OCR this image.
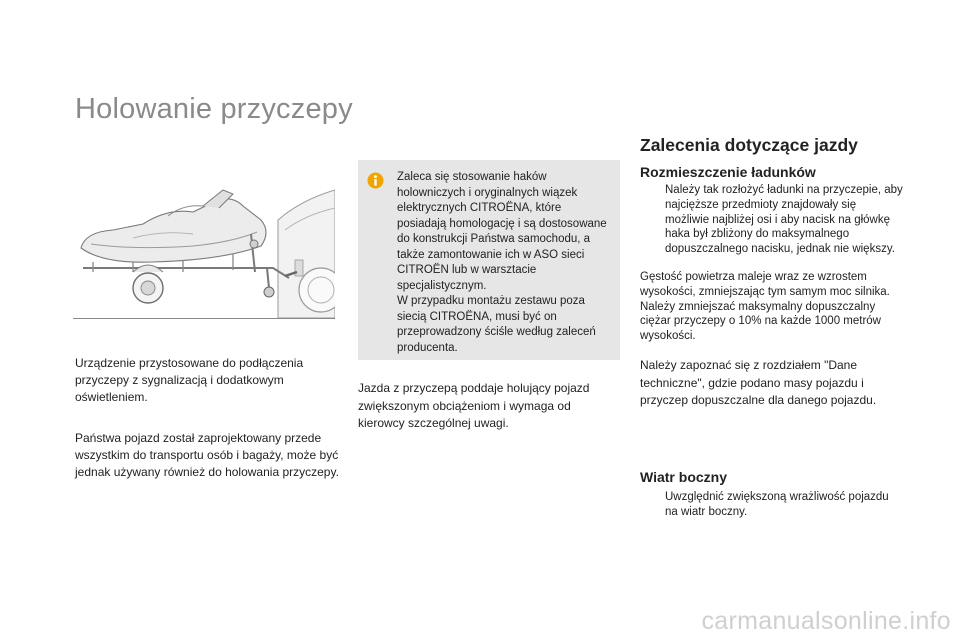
Holowanie przyczepy

Urządzenie przystosowane do podłączenia przyczepy z sygnalizacją i dodatkowym oświetleniem.

Państwa pojazd został zaprojektowany przede wszystkim do transportu osób i bagaży, może być jednak używany również do holowania przyczepy.

Zaleca się stosowanie haków holowniczych i oryginalnych wiązek elektrycznych CITROËNA, które posiadają homologację i są dostosowane do konstrukcji Państwa samochodu, a także zamontowanie ich w ASO sieci CITROËN lub w warsztacie specjalistycznym.
W przypadku montażu zestawu poza siecią CITROËNA, musi być on przeprowadzony ściśle według zaleceń producenta.

Jazda z przyczepą poddaje holujący pojazd zwiększonym obciążeniom i wymaga od kierowcy szczególnej uwagi.

Zalecenia dotyczące jazdy
Rozmieszczenie ładunków

Należy tak rozłożyć ładunki na przyczepie, aby najcięższe przedmioty znajdowały się możliwie najbliżej osi i aby nacisk na główkę haka był zbliżony do maksymalnego dopuszczalnego nacisku, jednak nie większy.

Gęstość powietrza maleje wraz ze wzrostem wysokości, zmniejszając tym samym moc silnika. Należy zmniejszać maksymalny dopuszczalny ciężar przyczepy o 10% na każde 1000 metrów wysokości.

Należy zapoznać się z rozdziałem "Dane techniczne", gdzie podano masy pojazdu i przyczep dopuszczalne dla danego pojazdu.

Wiatr boczny

Uwzględnić zwiększoną wrażliwość pojazdu na wiatr boczny.

carmanualsonline.info
